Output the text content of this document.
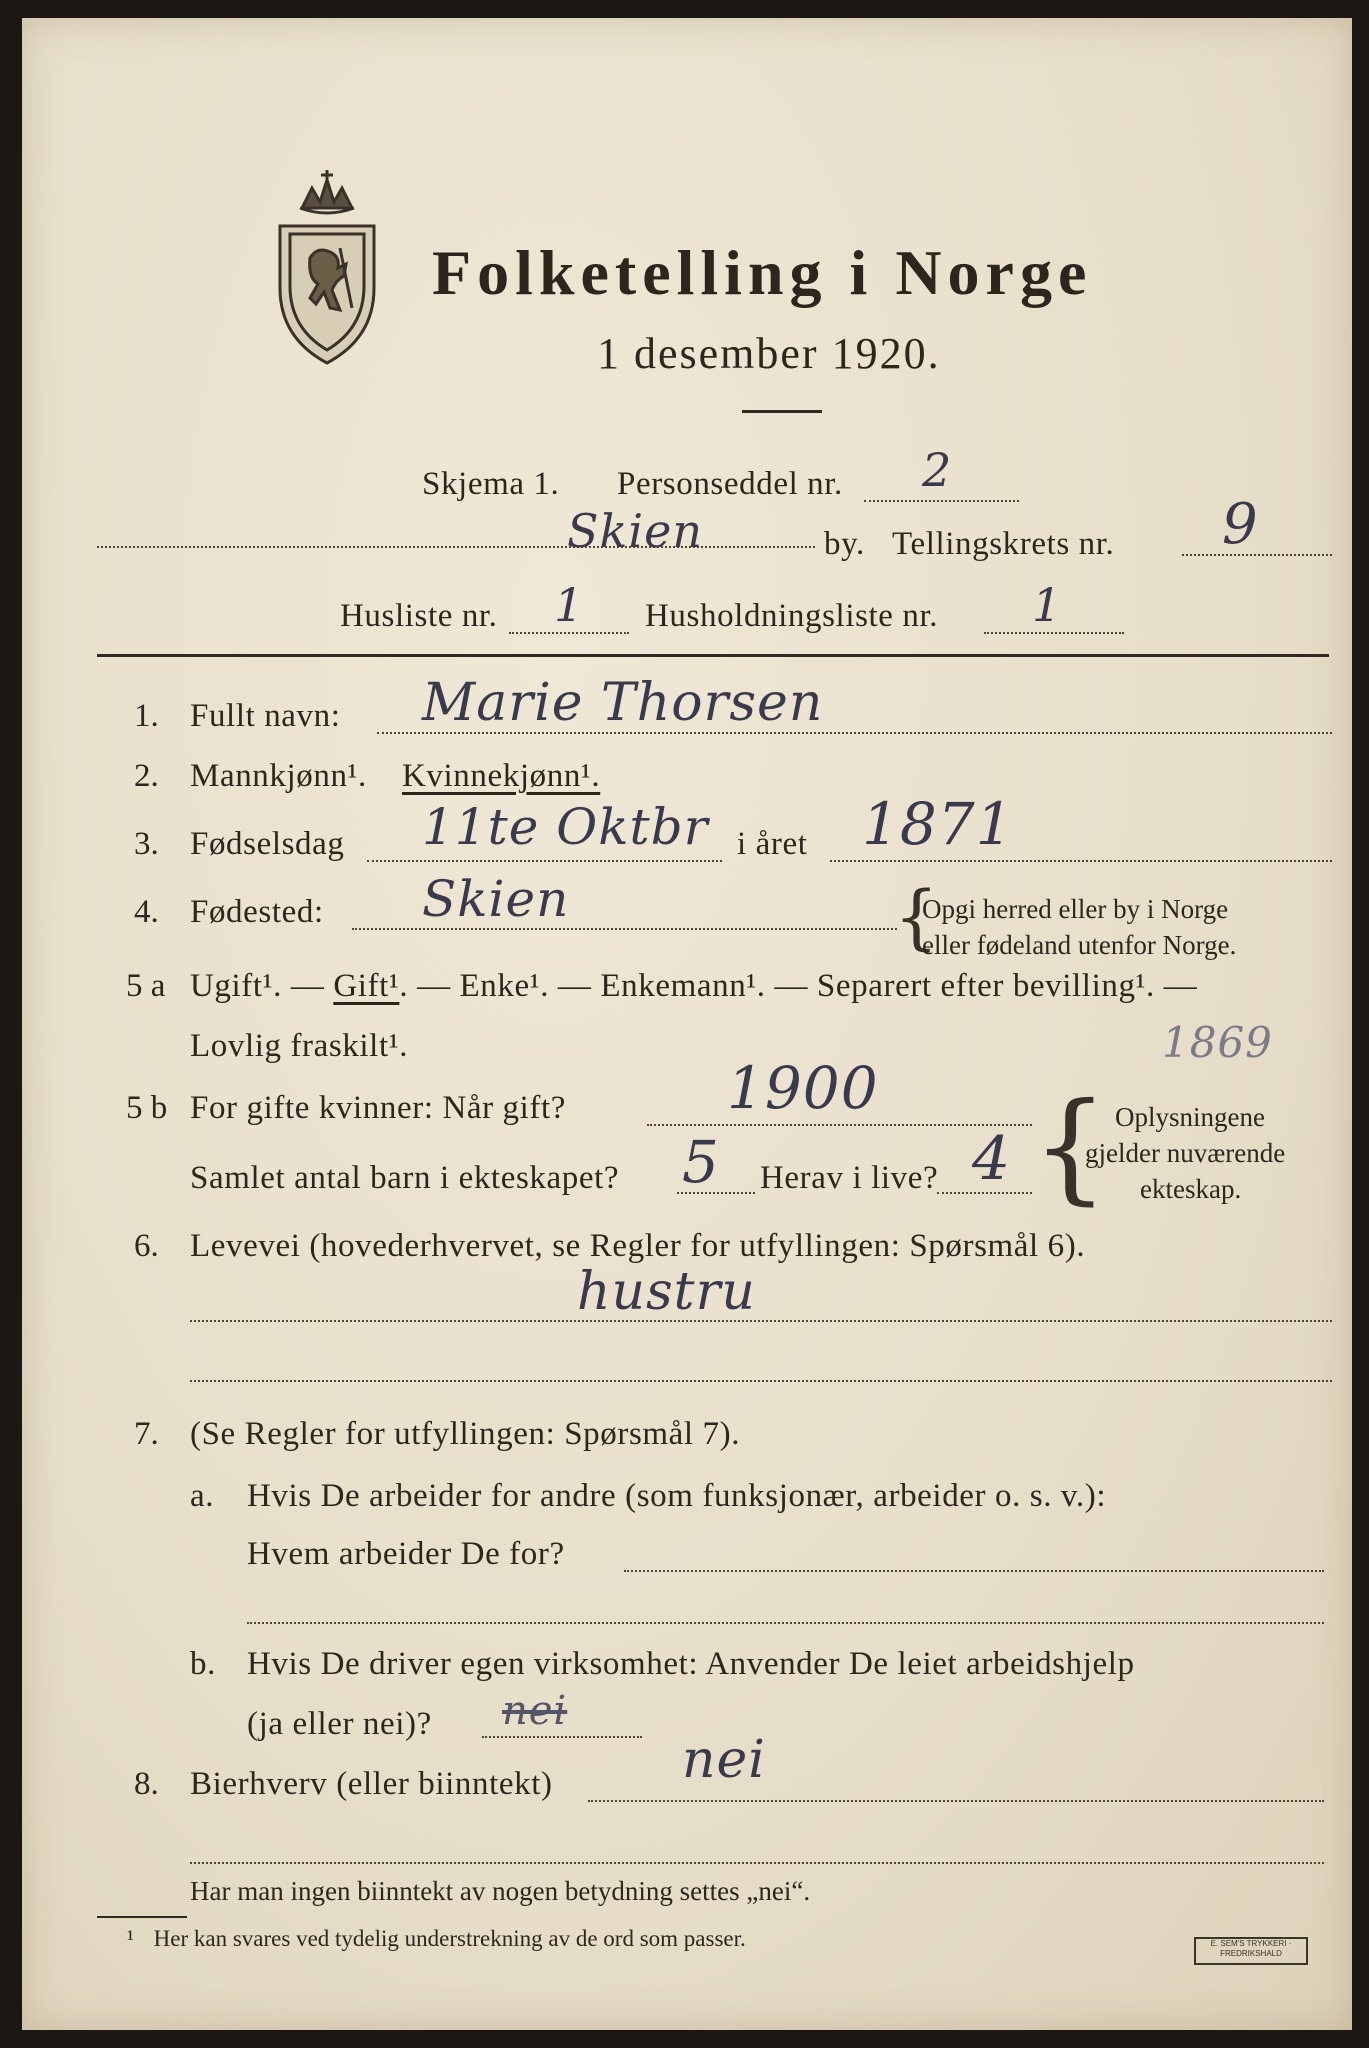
Folketelling i Norge
1 desember 1920.
Skjema 1. Personseddel nr. 2
Skien	by. Tellingskrets nr. 9
Husliste nr. 1 Husholdningsliste nr. 1
1. Fullt navn: Marie Thorsen
2. Mannkjønn¹. Kvinnekjønn¹.
3. Fødselsdag 11te Oktbr i året 1871
4. Fødested: Skien	{
Opgi herred eller by i Norge
eller fødeland utenfor Norge.
5 a Ugift¹. — Gift¹. — Enke¹. — Enkemann¹. — Separert efter bevilling¹. —
Lovlig fraskilt¹.	1869
5 b For gifte kvinner: Når gift?	1900
Samlet antal barn i ekteskapet? 5 Herav i live? 4 { Oplysningene
gjelder nuværende
ekteskap.
6. Levevei (hovederhvervet, se Regler for utfyllingen: Spørsmål 6).
hustru
7. (Se Regler for utfyllingen: Spørsmål 7).
a. Hvis De arbeider for andre (som funksjonær, arbeider o. s. v.):
Hvem arbeider De for?
b. Hvis De driver egen virksomhet: Anvender De leiet arbeidshjelp
(ja eller nei)? nei
8. Bierhverv (eller biinntekt) nei
Har man ingen biinntekt av nogen betydning settes „nei“.
¹ Her kan svares ved tydelig understrekning av de ord som passer.	E. SEM'S TRYKKERI · FREDRIKSHALD
